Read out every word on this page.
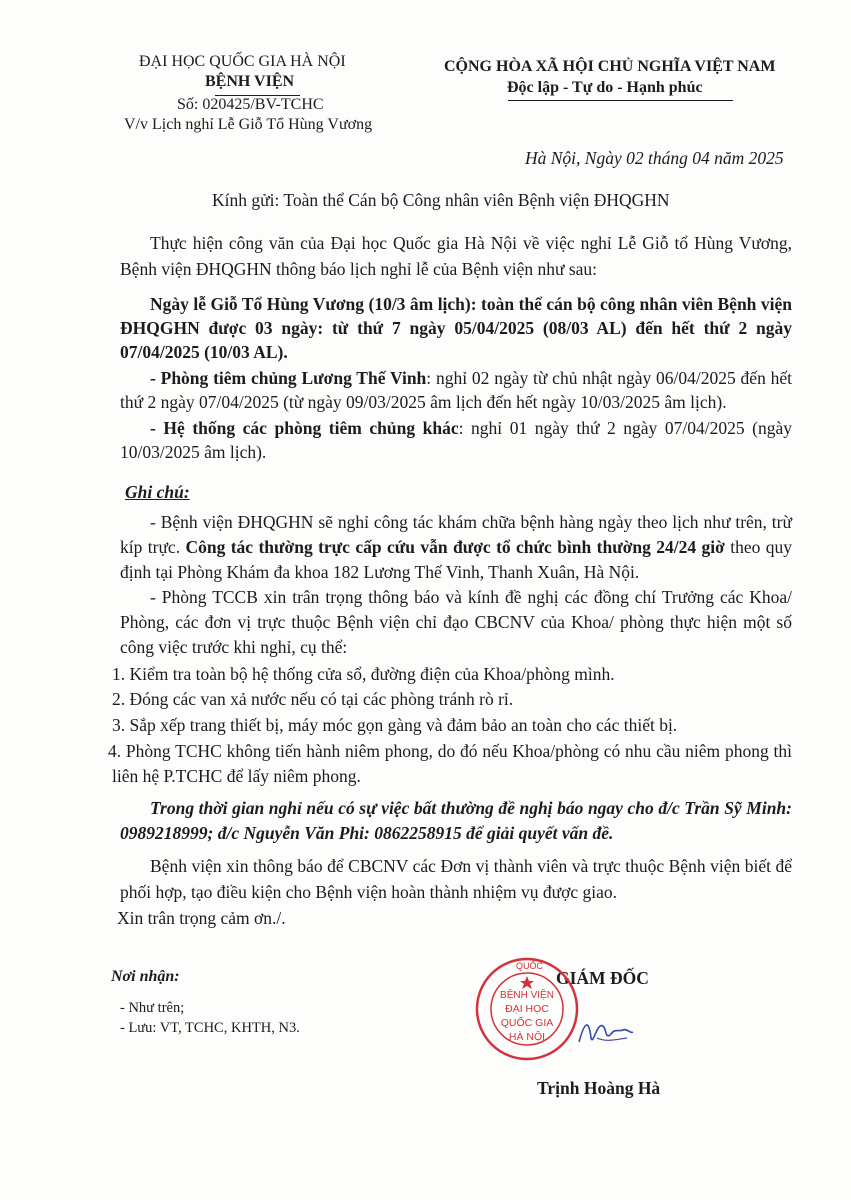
ĐẠI HỌC QUỐC GIA HÀ NỘI
BỆNH VIỆN
Số: 020425/BV-TCHC
V/v Lịch nghỉ Lễ Giỗ Tổ Hùng Vương
CỘNG HÒA XÃ HỘI CHỦ NGHĨA VIỆT NAM
Độc lập - Tự do - Hạnh phúc
Hà Nội, Ngày 02 tháng 04 năm 2025
Kính gửi: Toàn thể Cán bộ Công nhân viên Bệnh viện ĐHQGHN
Thực hiện công văn của Đại học Quốc gia Hà Nội về việc nghỉ Lễ Giỗ tổ Hùng Vương, Bệnh viện ĐHQGHN thông báo lịch nghỉ lễ của Bệnh viện như sau:
Ngày lễ Giỗ Tổ Hùng Vương (10/3 âm lịch): toàn thể cán bộ công nhân viên Bệnh viện ĐHQGHN được 03 ngày: từ thứ 7 ngày 05/04/2025 (08/03 AL) đến hết thứ 2 ngày 07/04/2025 (10/03 AL).
- Phòng tiêm chủng Lương Thế Vinh: nghỉ 02 ngày từ chủ nhật ngày 06/04/2025 đến hết thứ 2 ngày 07/04/2025 (từ ngày 09/03/2025 âm lịch đến hết ngày 10/03/2025 âm lịch).
- Hệ thống các phòng tiêm chủng khác: nghỉ 01 ngày thứ 2 ngày 07/04/2025 (ngày 10/03/2025 âm lịch).
Ghi chú:
- Bệnh viện ĐHQGHN sẽ nghỉ công tác khám chữa bệnh hàng ngày theo lịch như trên, trừ kíp trực. Công tác thường trực cấp cứu vẫn được tổ chức bình thường 24/24 giờ theo quy định tại Phòng Khám đa khoa 182 Lương Thế Vinh, Thanh Xuân, Hà Nội.
- Phòng TCCB xin trân trọng thông báo và kính đề nghị các đồng chí Trưởng các Khoa/ Phòng, các đơn vị trực thuộc Bệnh viện chỉ đạo CBCNV của Khoa/ phòng thực hiện một số công việc trước khi nghỉ, cụ thể:
1. Kiểm tra toàn bộ hệ thống cửa sổ, đường điện của Khoa/phòng mình.
2. Đóng các van xả nước nếu có tại các phòng tránh rò rỉ.
3. Sắp xếp trang thiết bị, máy móc gọn gàng và đảm bảo an toàn cho các thiết bị.
4. Phòng TCHC không tiến hành niêm phong, do đó nếu Khoa/phòng có nhu cầu niêm phong thì liên hệ P.TCHC để lấy niêm phong.
Trong thời gian nghỉ nếu có sự việc bất thường đề nghị báo ngay cho đ/c Trần Sỹ Minh: 0989218999; đ/c Nguyễn Văn Phi: 0862258915 để giải quyết vấn đề.
Bệnh viện xin thông báo để CBCNV các Đơn vị thành viên và trực thuộc Bệnh viện biết để phối hợp, tạo điều kiện cho Bệnh viện hoàn thành nhiệm vụ được giao.
Xin trân trọng cảm ơn./.
Nơi nhận:
- Như trên;
- Lưu: VT, TCHC, KHTH, N3.
GIÁM ĐỐC
Trịnh Hoàng Hà
QUỐC
BỆNH VIỆN
ĐẠI HỌC
QUỐC GIA
HÀ NỘI
